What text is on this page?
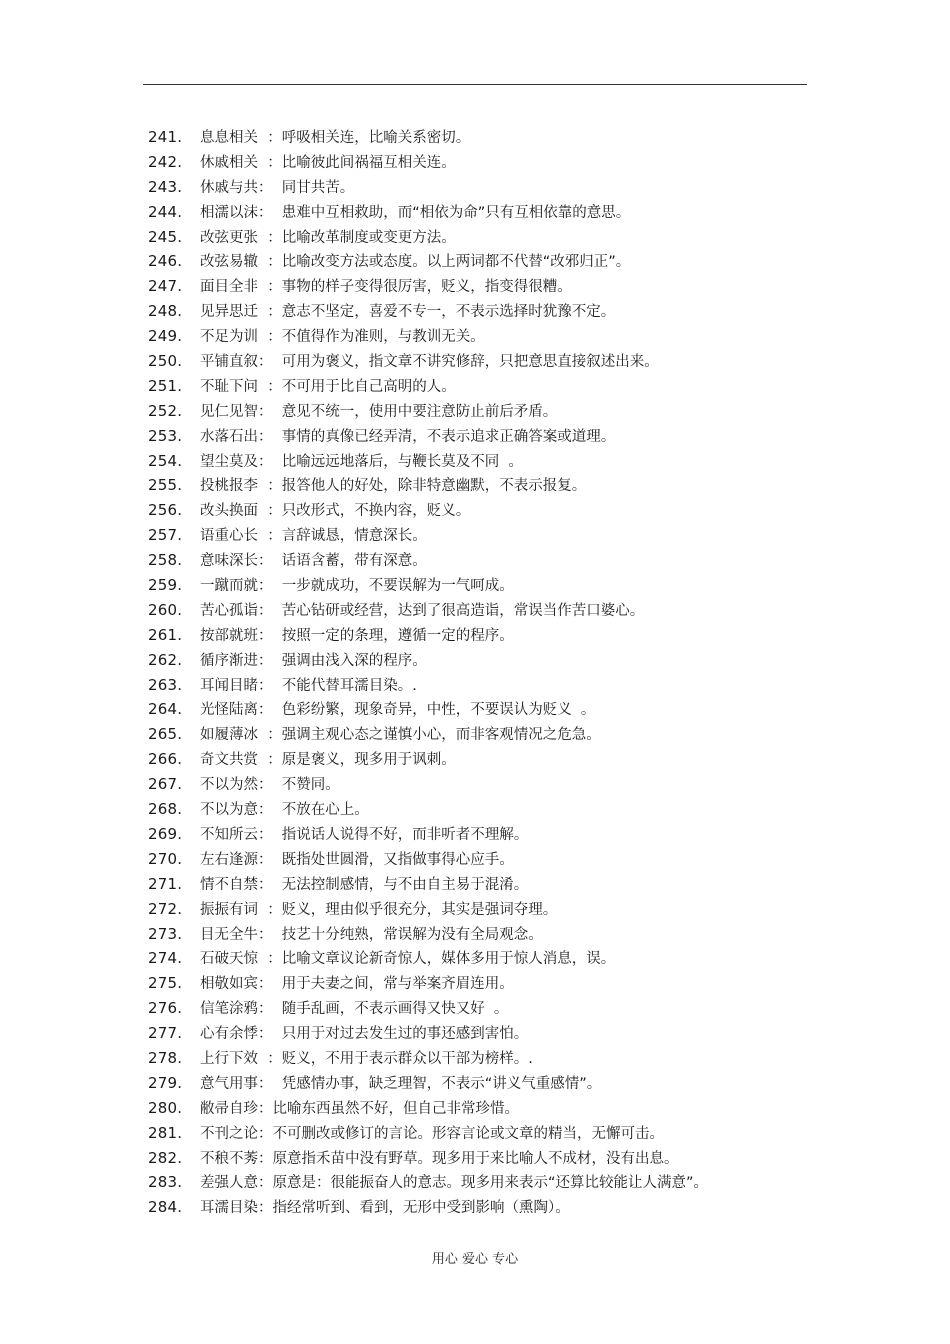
241. 息息相关  ：呼吸相关连，比喻关系密切。
242. 休戚相关  ：比喻彼此间祸福互相关连。
243. 休戚与共：  同甘共苦。
244. 相濡以沫：  患难中互相救助，而“相依为命”只有互相依靠的意思。
245. 改弦更张  ：比喻改革制度或变更方法。
246. 改弦易辙  ：比喻改变方法或态度。以上两词都不代替“改邪归正”。
247. 面目全非  ：事物的样子变得很厉害，贬义，指变得很糟。
248. 见异思迁  ：意志不坚定，喜爱不专一，不表示选择时犹豫不定。
249. 不足为训  ：不值得作为准则，与教训无关。
250. 平铺直叙：  可用为褒义，指文章不讲究修辞，只把意思直接叙述出来。
251. 不耻下问  ：不可用于比自己高明的人。
252. 见仁见智：  意见不统一，使用中要注意防止前后矛盾。
253. 水落石出：  事情的真像已经弄清，不表示追求正确答案或道理。
254. 望尘莫及：  比喻远远地落后，与鞭长莫及不同  。
255. 投桃报李  ：报答他人的好处，除非特意幽默，不表示报复。
256. 改头换面  ：只改形式，不换内容，贬义。
257. 语重心长  ：言辞诚恳，情意深长。
258. 意味深长：  话语含蓄，带有深意。
259. 一蹴而就：  一步就成功，不要误解为一气呵成。
260. 苦心孤诣：  苦心钻研或经营，达到了很高造诣，常误当作苦口婆心。
261. 按部就班：  按照一定的条理，遵循一定的程序。
262. 循序渐进：  强调由浅入深的程序。
263. 耳闻目睹：  不能代替耳濡目染。.
264. 光怪陆离：  色彩纷繁，现象奇异，中性，不要误认为贬义  。
265. 如履薄冰  ：强调主观心态之谨慎小心，而非客观情况之危急。
266. 奇文共赏  ：原是褒义，现多用于讽刺。
267. 不以为然：  不赞同。
268. 不以为意：  不放在心上。
269. 不知所云：  指说话人说得不好，而非听者不理解。
270. 左右逢源：  既指处世圆滑，又指做事得心应手。
271. 情不自禁：  无法控制感情，与不由自主易于混淆。
272. 振振有词  ：贬义，理由似乎很充分，其实是强词夺理。
273. 目无全牛：  技艺十分纯熟，常误解为没有全局观念。
274. 石破天惊  ：比喻文章议论新奇惊人，媒体多用于惊人消息，误。
275. 相敬如宾：  用于夫妻之间，常与举案齐眉连用。
276. 信笔涂鸦：  随手乱画，不表示画得又快又好  。
277. 心有余悸：  只用于对过去发生过的事还感到害怕。
278. 上行下效  ：贬义，不用于表示群众以干部为榜样。.
279. 意气用事：  凭感情办事，缺乏理智，不表示“讲义气重感情”。
280. 敝帚自珍：比喻东西虽然不好，但自己非常珍惜。
281. 不刊之论：不可删改或修订的言论。形容言论或文章的精当，无懈可击。
282. 不稂不莠：原意指禾苗中没有野草。现多用于来比喻人不成材，没有出息。
283. 差强人意：原意是：很能振奋人的意志。现多用来表示“还算比较能让人满意”。
284. 耳濡目染：指经常听到、看到，无形中受到影响（熏陶）。
用心 爱心 专心
